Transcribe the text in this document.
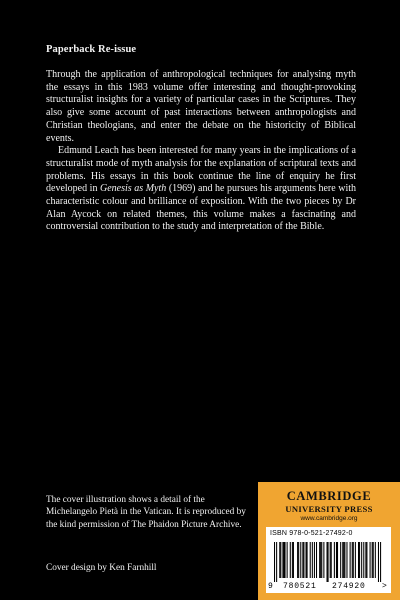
Paperback Re-issue

Through the application of anthropological techniques for analysing myth the essays in this 1983 volume offer interesting and thought-provoking structuralist insights for a variety of particular cases in the Scriptures. They also give some account of past interactions between anthropologists and Christian theologians, and enter the debate on the historicity of Biblical events.

Edmund Leach has been interested for many years in the implications of a structuralist mode of myth analysis for the explanation of scriptural texts and problems. His essays in this book continue the line of enquiry he first developed in Genesis as Myth (1969) and he pursues his arguments here with characteristic colour and brilliance of exposition. With the two pieces by Dr Alan Aycock on related themes, this volume makes a fascinating and controversial contribution to the study and interpretation of the Bible.

The cover illustration shows a detail of the Michelangelo Pietà in the Vatican. It is reproduced by the kind permission of The Phaidon Picture Archive.
Cover design by Ken Farnhill
CAMBRIDGE
UNIVERSITY PRESS
www.cambridge.org
ISBN 978-0-521-27492-0
9 780521 274920 >
